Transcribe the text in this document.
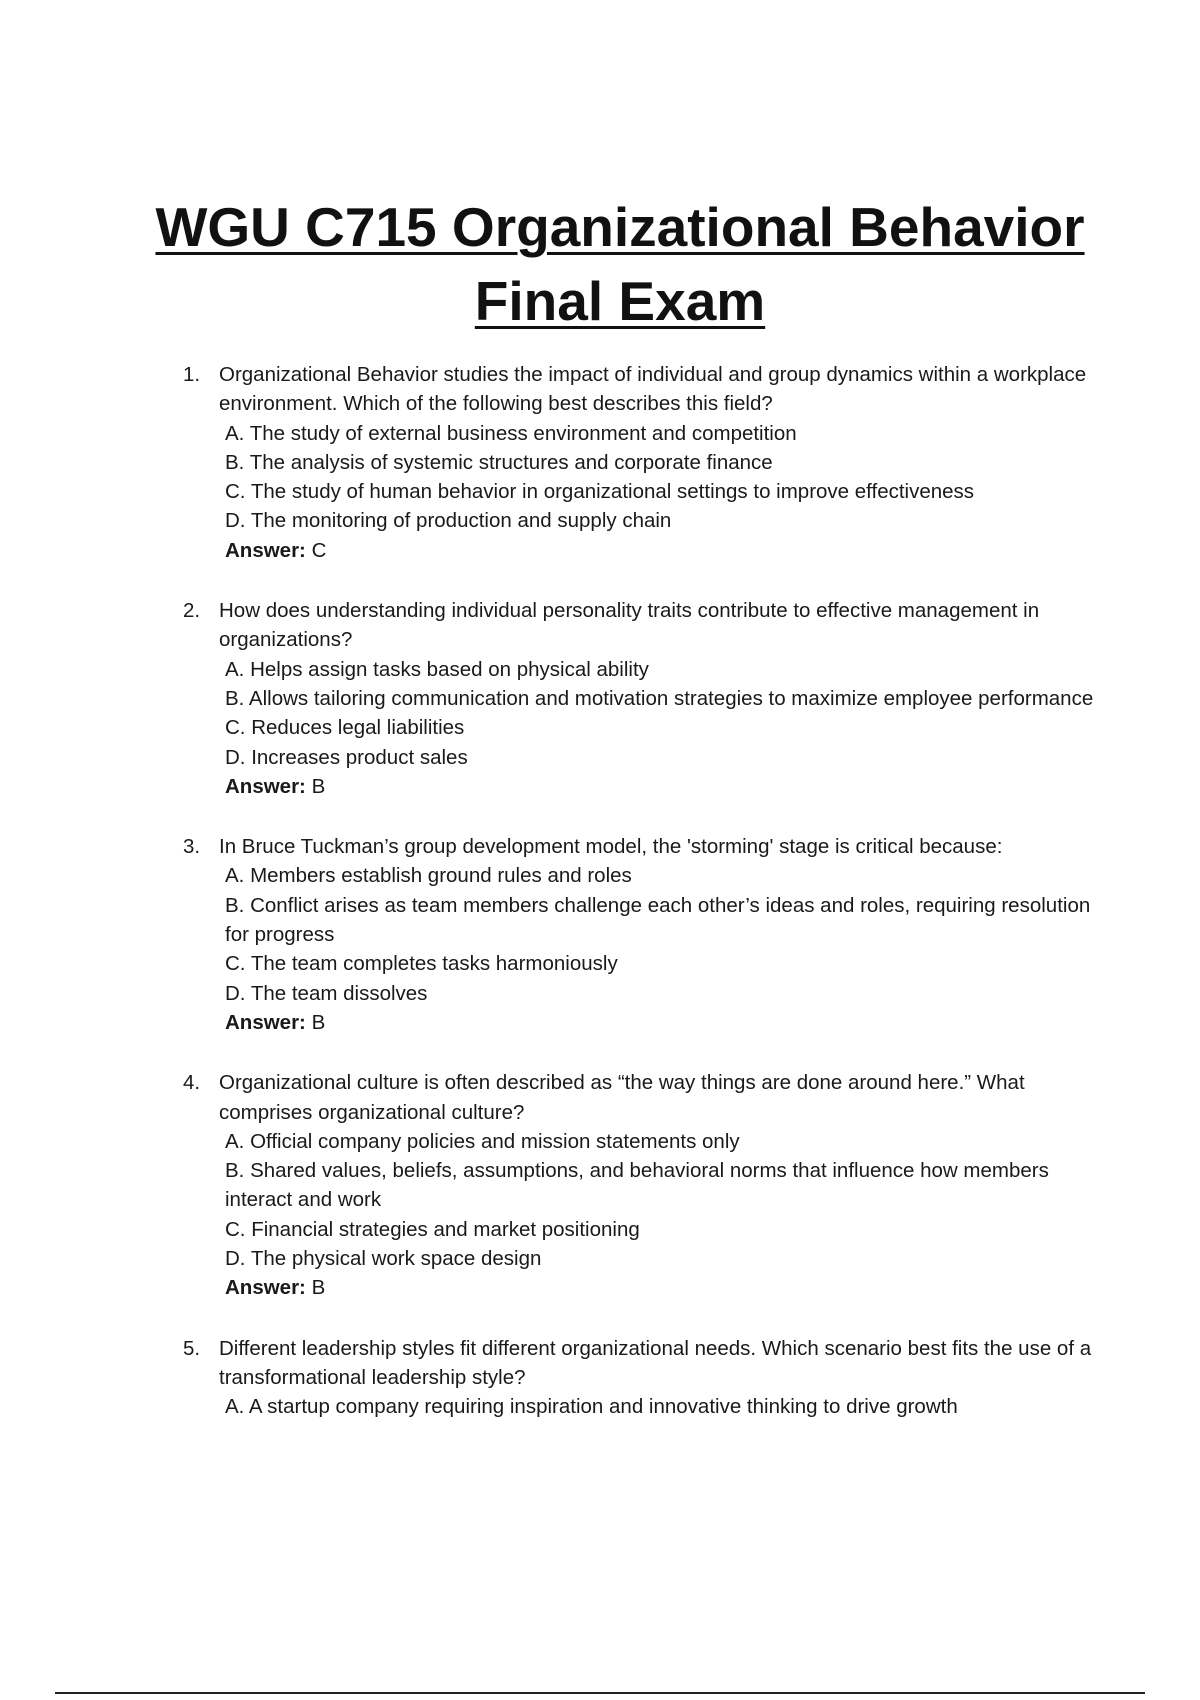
WGU C715 Organizational Behavior
Final Exam
1. Organizational Behavior studies the impact of individual and group dynamics within a workplace environment. Which of the following best describes this field?
A. The study of external business environment and competition
B. The analysis of systemic structures and corporate finance
C. The study of human behavior in organizational settings to improve effectiveness
D. The monitoring of production and supply chain
Answer: C
2. How does understanding individual personality traits contribute to effective management in organizations?
A. Helps assign tasks based on physical ability
B. Allows tailoring communication and motivation strategies to maximize employee performance
C. Reduces legal liabilities
D. Increases product sales
Answer: B
3. In Bruce Tuckman’s group development model, the 'storming' stage is critical because:
A. Members establish ground rules and roles
B. Conflict arises as team members challenge each other’s ideas and roles, requiring resolution for progress
C. The team completes tasks harmoniously
D. The team dissolves
Answer: B
4. Organizational culture is often described as “the way things are done around here.” What comprises organizational culture?
A. Official company policies and mission statements only
B. Shared values, beliefs, assumptions, and behavioral norms that influence how members interact and work
C. Financial strategies and market positioning
D. The physical work space design
Answer: B
5. Different leadership styles fit different organizational needs. Which scenario best fits the use of a transformational leadership style?
A. A startup company requiring inspiration and innovative thinking to drive growth
